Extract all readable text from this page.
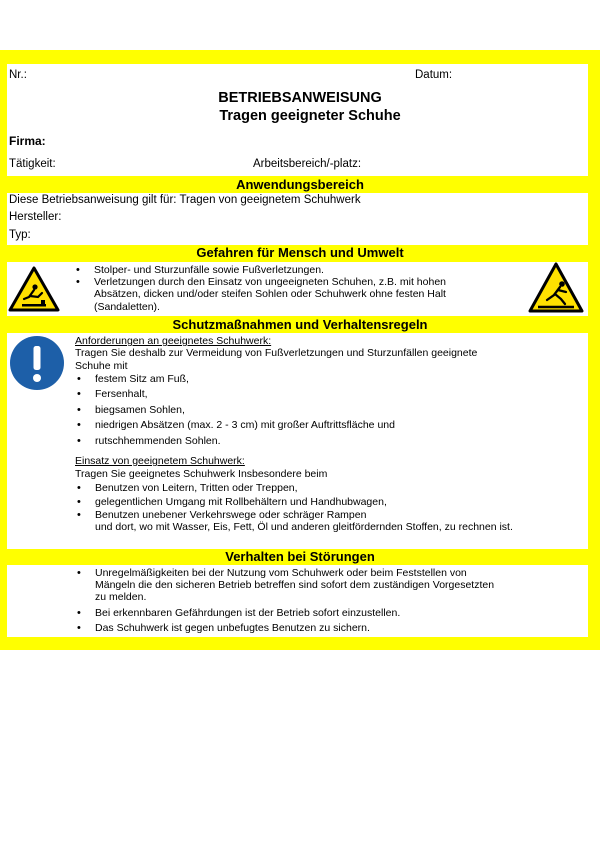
Nr.:	Datum:
BETRIEBSANWEISUNG
Tragen geeigneter Schuhe
Firma:
Tätigkeit:	Arbeitsbereich/-platz:
Anwendungsbereich
Diese Betriebsanweisung gilt für: Tragen von geeignetem Schuhwerk
Hersteller:
Typ:
Gefahren für Mensch und Umwelt
• Stolper- und Sturzunfälle sowie Fußverletzungen.
• Verletzungen durch den Einsatz von ungeeigneten Schuhen, z.B. mit hohen Absätzen, dicken und/oder steifen Sohlen oder Schuhwerk ohne festen Halt (Sandaletten).
Schutzmaßnahmen und Verhaltensregeln
Anforderungen an geeignetes Schuhwerk:
Tragen Sie deshalb zur Vermeidung von Fußverletzungen und Sturzunfällen geeignete
Schuhe mit
• festem Sitz am Fuß,
• Fersenhalt,
• biegsamen Sohlen,
• niedrigen Absätzen (max. 2 - 3 cm) mit großer Auftrittsfläche und
• rutschhemmenden Sohlen.
Einsatz von geeignetem Schuhwerk:
Tragen Sie geeignetes Schuhwerk Insbesondere beim
• Benutzen von Leitern, Tritten oder Treppen,
• gelegentlichen Umgang mit Rollbehältern und Handhubwagen,
• Benutzen unebener Verkehrswege oder schräger Rampen
und dort, wo mit Wasser, Eis, Fett, Öl und anderen gleitfördernden Stoffen, zu rechnen ist.
Verhalten bei Störungen
• Unregelmäßigkeiten bei der Nutzung vom Schuhwerk oder beim Feststellen von Mängeln die den sicheren Betrieb betreffen sind sofort dem zuständigen Vorgesetzten zu melden.
• Bei erkennbaren Gefährdungen ist der Betrieb sofort einzustellen.
• Das Schuhwerk ist gegen unbefugtes Benutzen zu sichern.
